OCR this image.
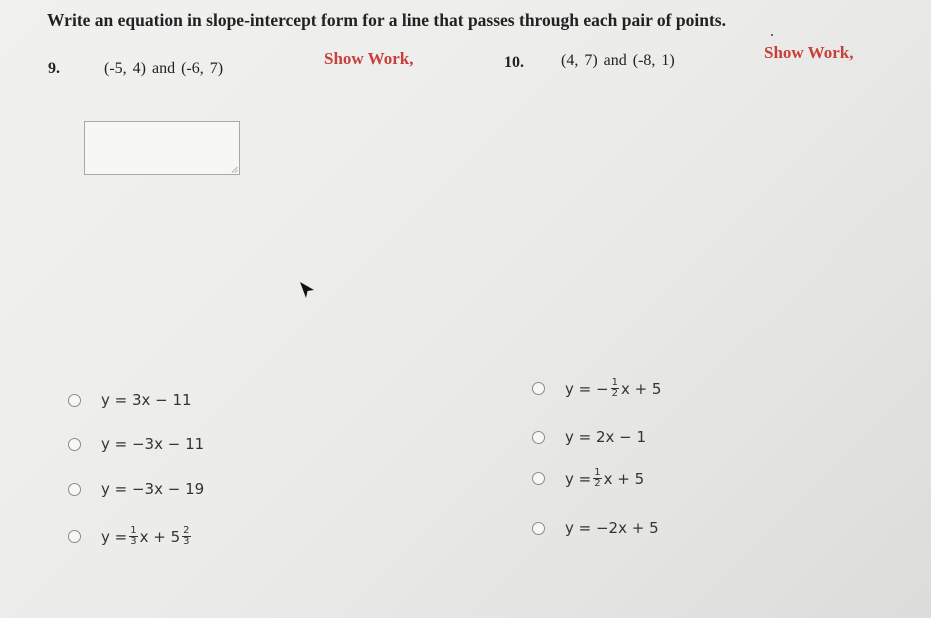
Write an equation in slope-intercept form for a line that passes through each pair of points.
9.	(-5, 4) and (-6, 7)
Show Work,	10. (4, 7) and (-8, 1)	Show Work,
y = 3x − 11
y = −3x − 11
y = −3x − 19
$y = \frac{1}{3}$ $x + 5 \frac{2}{3}$
y = − $\frac{1}{2}$ x + 5
y = 2x − 1
$y = \frac{1}{2}$ x + 5
y = −2x + 5
